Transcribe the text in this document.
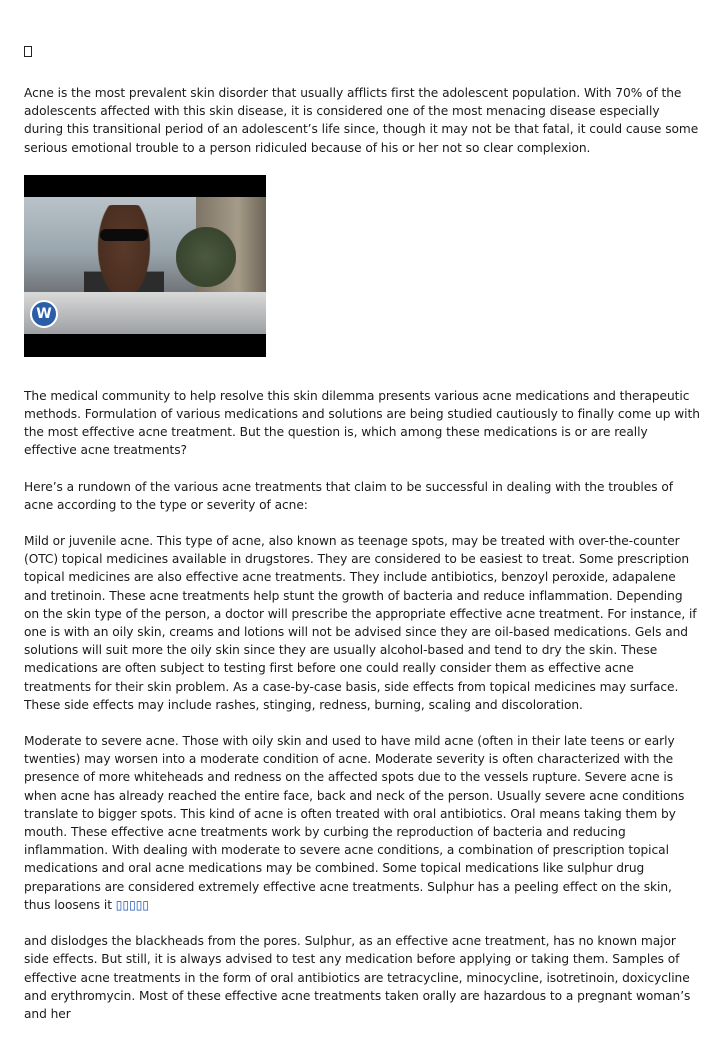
Acne is the most prevalent skin disorder that usually afflicts first the adolescent population. With 70% of the adolescents affected with this skin disease, it is considered one of the most menacing disease especially during this transitional period of an adolescent’s life since, though it may not be that fatal, it could cause some serious emotional trouble to a person ridiculed because of his or her not so clear complexion.

W

The medical community to help resolve this skin dilemma presents various acne medications and therapeutic methods. Formulation of various medications and solutions are being studied cautiously to finally come up with the most effective acne treatment. But the question is, which among these medications is or are really effective acne treatments?

Here’s a rundown of the various acne treatments that claim to be successful in dealing with the troubles of acne according to the type or severity of acne:

Mild or juvenile acne. This type of acne, also known as teenage spots, may be treated with over-the-counter (OTC) topical medicines available in drugstores. They are considered to be easiest to treat. Some prescription topical medicines are also effective acne treatments. They include antibiotics, benzoyl peroxide, adapalene and tretinoin. These acne treatments help stunt the growth of bacteria and reduce inflammation. Depending on the skin type of the person, a doctor will prescribe the appropriate effective acne treatment. For instance, if one is with an oily skin, creams and lotions will not be advised since they are oil-based medications. Gels and solutions will suit more the oily skin since they are usually alcohol-based and tend to dry the skin. These medications are often subject to testing first before one could really consider them as effective acne treatments for their skin problem. As a case-by-case basis, side effects from topical medicines may surface. These side effects may include rashes, stinging, redness, burning, scaling and discoloration.

Moderate to severe acne. Those with oily skin and used to have mild acne (often in their late teens or early twenties) may worsen into a moderate condition of acne. Moderate severity is often characterized with the presence of more whiteheads and redness on the affected spots due to the vessels rupture. Severe acne is when acne has already reached the entire face, back and neck of the person. Usually severe acne conditions translate to bigger spots. This kind of acne is often treated with oral antibiotics. Oral means taking them by mouth. These effective acne treatments work by curbing the reproduction of bacteria and reducing inflammation. With dealing with moderate to severe acne conditions, a combination of prescription topical medications and oral acne medications may be combined. Some topical medications like sulphur drug preparations are considered extremely effective acne treatments. Sulphur has a peeling effect on the skin, thus loosens it ▯▯▯▯▯

and dislodges the blackheads from the pores. Sulphur, as an effective acne treatment, has no known major side effects. But still, it is always advised to test any medication before applying or taking them. Samples of effective acne treatments in the form of oral antibiotics are tetracycline, minocycline, isotretinoin, doxicycline and erythromycin. Most of these effective acne treatments taken orally are hazardous to a pregnant woman’s and her
